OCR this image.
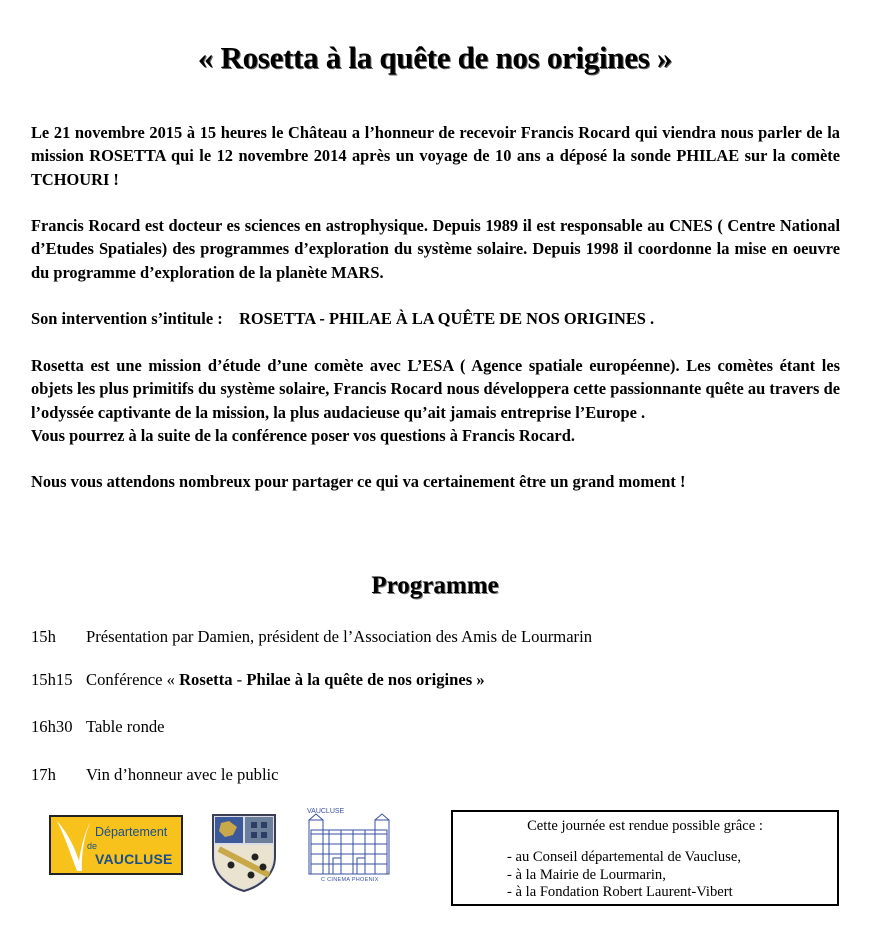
« Rosetta à la quête de nos origines »

Le 21 novembre 2015 à 15 heures le Château a l’honneur de recevoir Francis Rocard qui viendra nous parler de la mission ROSETTA qui le 12 novembre 2014 après un voyage de 10 ans a déposé la sonde PHILAE sur la comète TCHOURI !

Francis Rocard est docteur es sciences en astrophysique. Depuis 1989 il est responsable au CNES ( Centre National d’Etudes Spatiales) des programmes d’exploration du système solaire. Depuis 1998 il coordonne la mise en oeuvre du programme d’exploration de la planète MARS.

Son intervention s’intitule : ROSETTA - PHILAE À LA QUÊTE DE NOS ORIGINES .

Rosetta est une mission d’étude d’une comète avec L’ESA ( Agence spatiale européenne). Les comètes étant les objets les plus primitifs du système solaire, Francis Rocard nous développera cette passionnante quête au travers de l’odyssée captivante de la mission, la plus audacieuse qu’ait jamais entreprise l’Europe .

Vous pourrez à la suite de la conférence poser vos questions à Francis Rocard.

Nous vous attendons nombreux pour partager ce qui va certainement être un grand moment !

Programme
15h Présentation par Damien, président de l’Association des Amis de Lourmarin
15h15 Conférence « Rosetta - Philae à la quête de nos origines »
16h30 Table ronde
17h Vin d’honneur avec le public
Département
de
VAUCLUSE
VAUCLUSE
C CINEMA PHOENIX
Cette journée est rendue possible grâce :
- au Conseil départemental de Vaucluse,
- à la Mairie de Lourmarin,
- à la Fondation Robert Laurent-Vibert
